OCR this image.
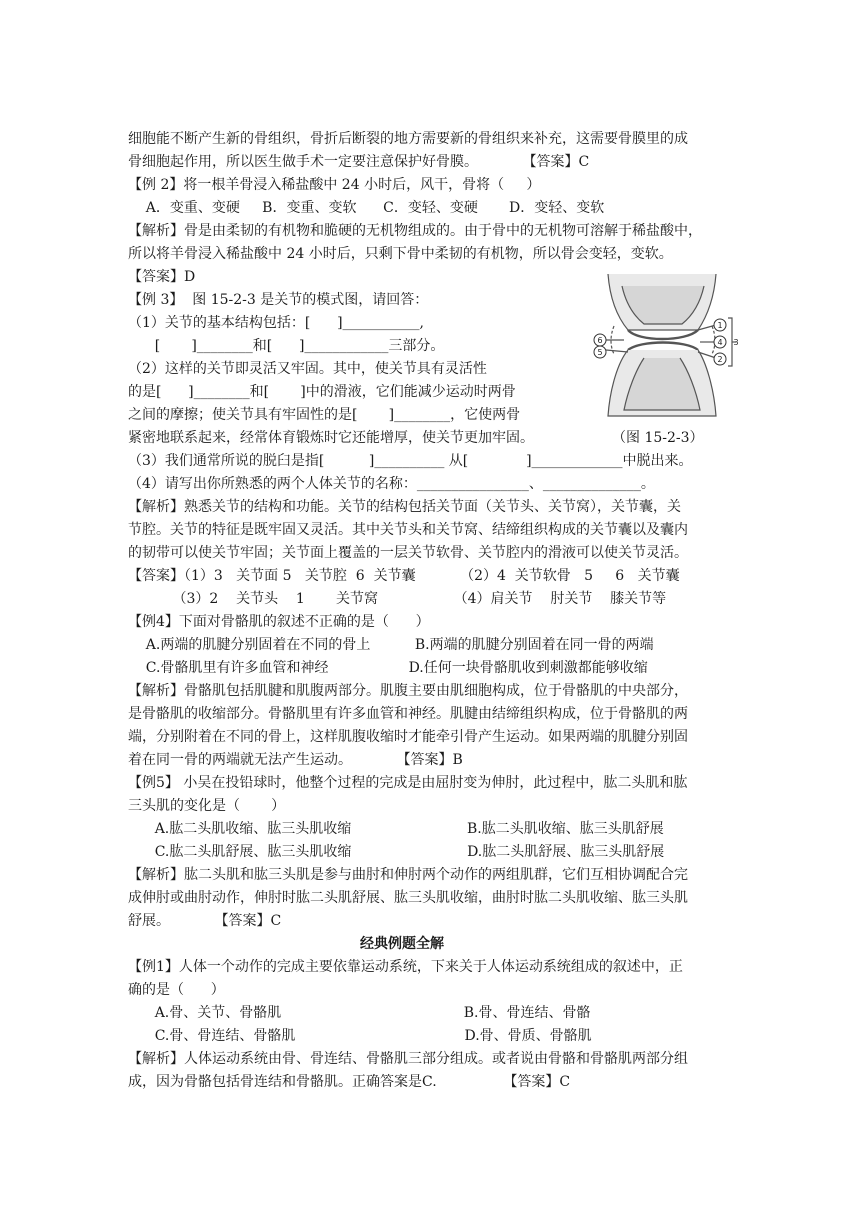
细胞能不断产生新的骨组织，骨折后断裂的地方需要新的骨组织来补充，这需要骨膜里的成
骨细胞起作用，所以医生做手术一定要注意保护好骨膜。          【答案】C
【例 2】将一根羊骨浸入稀盐酸中 24 小时后，风干，骨将（     ）
A．变重、变硬     B．变重、变软      C．变轻、变硬       D．变轻、变软
【解析】骨是由柔韧的有机物和脆硬的无机物组成的。由于骨中的无机物可溶解于稀盐酸中，
所以将羊骨浸入稀盐酸中 24 小时后，只剩下骨中柔韧的有机物，所以骨会变轻，变软。
【答案】D
【例 3】  图 15-2-3 是关节的模式图，请回答：
（1）关节的基本结构包括：[      ]___________,
[       ]________和[      ]____________三部分。
（2）这样的关节即灵活又牢固。其中，使关节具有灵活性
的是[      ]________和[       ]中的滑液，它们能减少运动时两骨
之间的摩擦；使关节具有牢固性的是[       ]________，它使两骨
紧密地联系起来，经常体育锻炼时它还能增厚，使关节更加牢固。	（图 15-2-3）
1
2
3
4
5
6
（3）我们通常所说的脱臼是指[          ]__________ 从[             ]_____________中脱出来。
（4）请写出你所熟悉的两个人体关节的名称：________________、______________。
【解析】熟悉关节的结构和功能。关节的结构包括关节面（关节头、关节窝），关节囊，关
节腔。关节的特征是既牢固又灵活。其中关节头和关节窝、结缔组织构成的关节囊以及囊内
的韧带可以使关节牢固；关节面上覆盖的一层关节软骨、关节腔内的滑液可以使关节灵活。
【答案】（1）3   关节面 5   关节腔  6  关节囊          （2）4  关节软骨   5     6   关节囊
（3）2    关节头    1       关节窝                 （4）肩关节    肘关节    膝关节等
【例4】下面对骨骼肌的叙述不正确的是（      ）
A.两端的肌腱分别固着在不同的骨上          B.两端的肌腱分别固着在同一骨的两端
C.骨骼肌里有许多血管和神经                  D.任何一块骨骼肌收到刺激都能够收缩
【解析】骨骼肌包括肌腱和肌腹两部分。肌腹主要由肌细胞构成，位于骨骼肌的中央部分，
是骨骼肌的收缩部分。骨骼肌里有许多血管和神经。肌腱由结缔组织构成，位于骨骼肌的两
端，分别附着在不同的骨上，这样肌腹收缩时才能牵引骨产生运动。如果两端的肌腱分别固
着在同一骨的两端就无法产生运动。          【答案】B
【例5】 小吴在投铅球时，他整个过程的完成是由屈肘变为伸肘，此过程中，肱二头肌和肱
三头肌的变化是（       ）
A.肱二头肌收缩、肱三头肌收缩                          B.肱二头肌收缩、肱三头肌舒展
C.肱二头肌舒展、肱三头肌收缩                          D.肱二头肌舒展、肱三头肌舒展
【解析】肱二头肌和肱三头肌是参与曲肘和伸肘两个动作的两组肌群，它们互相协调配合完
成伸肘或曲肘动作，伸肘时肱二头肌舒展、肱三头肌收缩，曲肘时肱二头肌收缩、肱三头肌
舒展。          【答案】C
经典例题全解
【例1】人体一个动作的完成主要依靠运动系统，下来关于人体运动系统组成的叙述中，正
确的是（      ）
A.骨、关节、骨骼肌                                         B.骨、骨连结、骨骼
C.骨、骨连结、骨骼肌                                      D.骨、骨质、骨骼肌
【解析】人体运动系统由骨、骨连结、骨骼肌三部分组成。或者说由骨骼和骨骼肌两部分组
成，因为骨骼包括骨连结和骨骼肌。正确答案是C.               【答案】C
